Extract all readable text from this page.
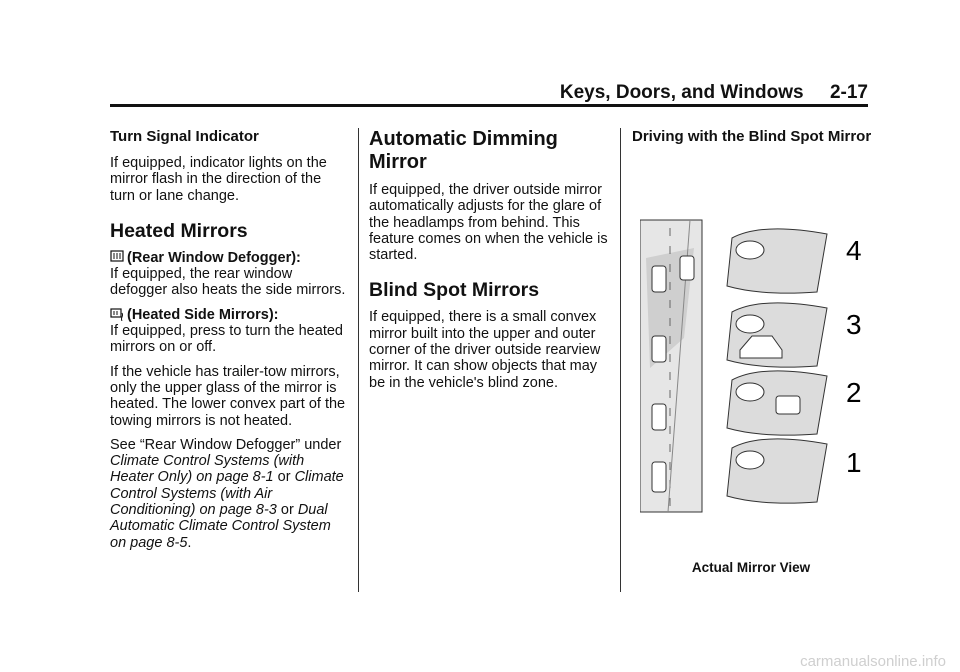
Keys, Doors, and Windows     2-17
Turn Signal Indicator

If equipped, indicator lights on the mirror flash in the direction of the turn or lane change.

Heated Mirrors
(Rear Window Defogger):
If equipped, the rear window defogger also heats the side mirrors.
(Heated Side Mirrors):
If equipped, press to turn the heated mirrors on or off.

If the vehicle has trailer-tow mirrors, only the upper glass of the mirror is heated. The lower convex part of the towing mirrors is not heated.

See “Rear Window Defogger” under Climate Control Systems (with Heater Only) on page 8-1 or Climate Control Systems (with Air Conditioning) on page 8-3 or Dual Automatic Climate Control System on page 8-5.

Automatic Dimming Mirror

If equipped, the driver outside mirror automatically adjusts for the glare of the headlamps from behind. This feature comes on when the vehicle is started.

Blind Spot Mirrors

If equipped, there is a small convex mirror built into the upper and outer corner of the driver outside rearview mirror. It can show objects that may be in the vehicle's blind zone.

Driving with the Blind Spot Mirror
4
3
2
1
Actual Mirror View
carmanualsonline.info
